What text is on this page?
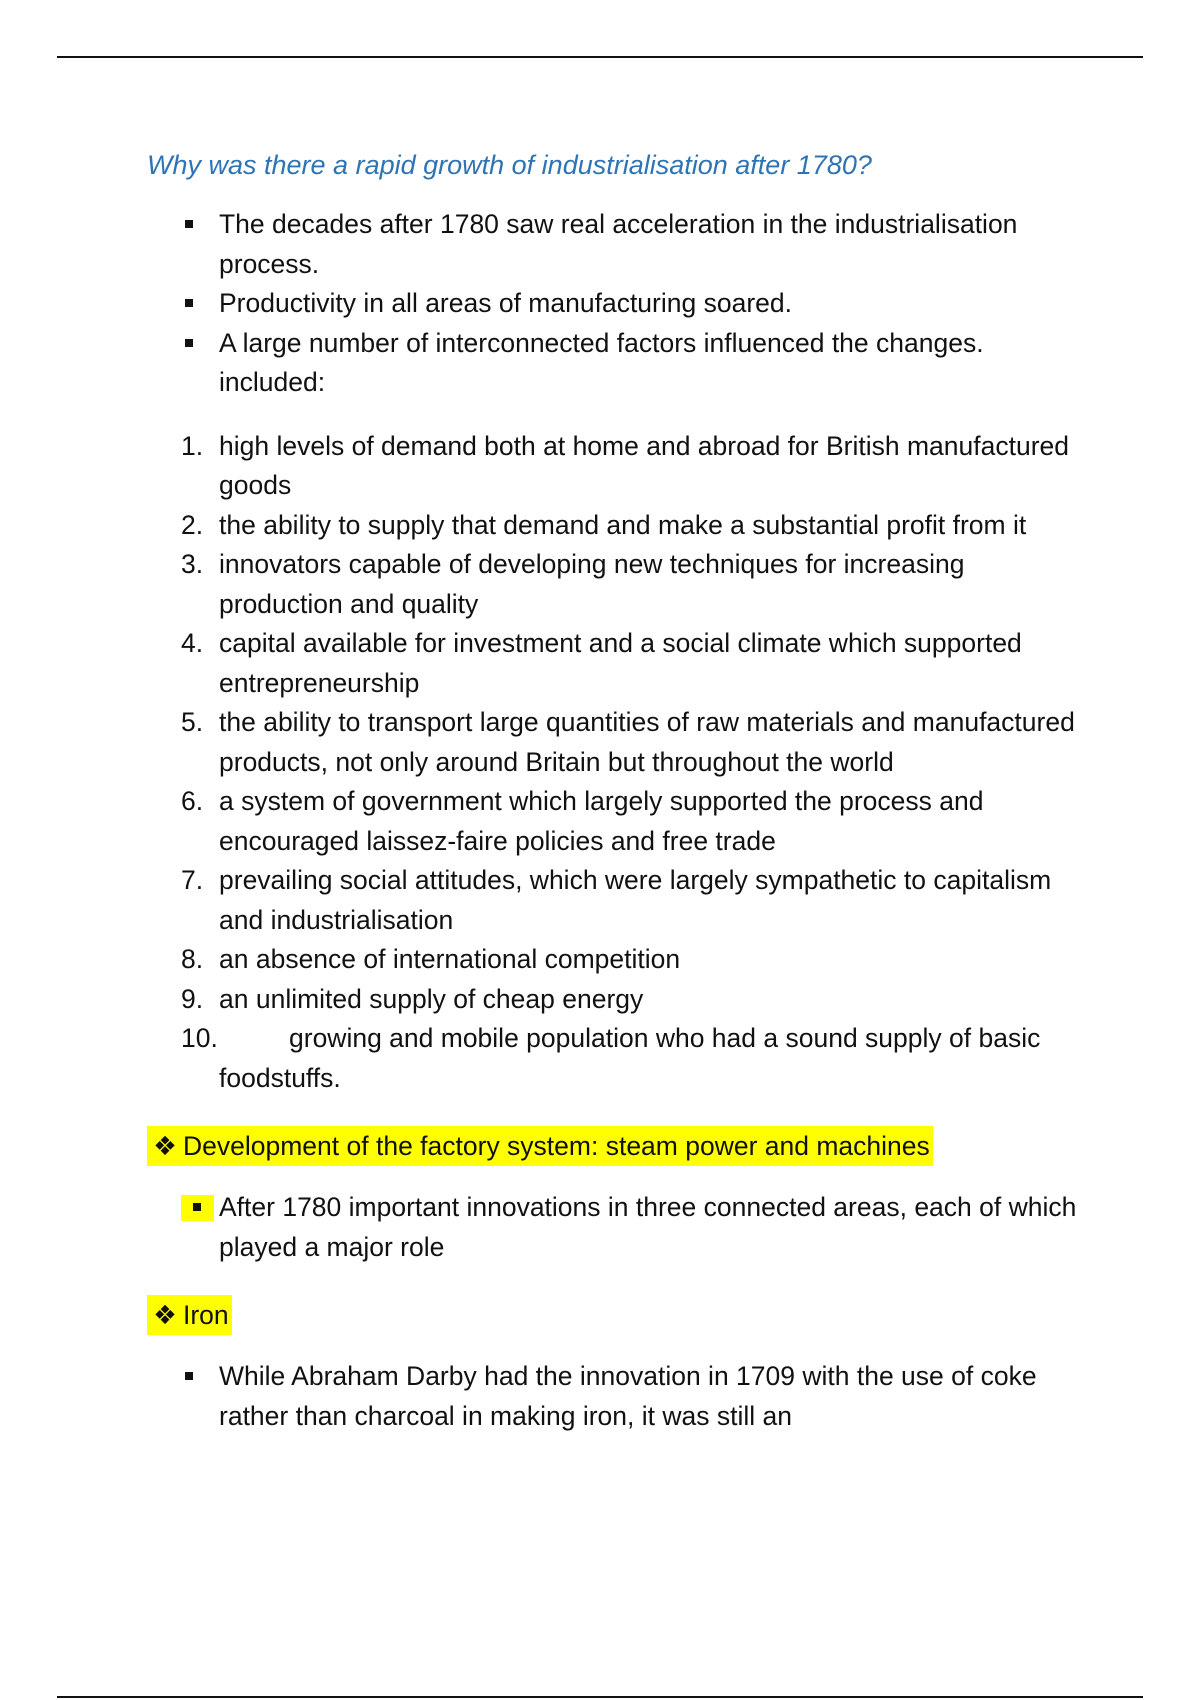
Why was there a rapid growth of industrialisation after 1780?
The decades after 1780 saw real acceleration in the industrialisation process.
Productivity in all areas of manufacturing soared.
A large number of interconnected factors influenced the changes. included:
1. high levels of demand both at home and abroad for British manufactured goods
2. the ability to supply that demand and make a substantial profit from it
3. innovators capable of developing new techniques for increasing production and quality
4. capital available for investment and a social climate which supported entrepreneurship
5. the ability to transport large quantities of raw materials and manufactured products, not only around Britain but throughout the world
6. a system of government which largely supported the process and encouraged laissez-faire policies and free trade
7. prevailing social attitudes, which were largely sympathetic to capitalism and industrialisation
8. an absence of international competition
9. an unlimited supply of cheap energy
10.	growing and mobile population who had a sound supply of basic foodstuffs.
❖ Development of the factory system: steam power and machines
After 1780 important innovations in three connected areas, each of which played a major role
❖ Iron
While Abraham Darby had the innovation in 1709 with the use of coke rather than charcoal in making iron, it was still an
